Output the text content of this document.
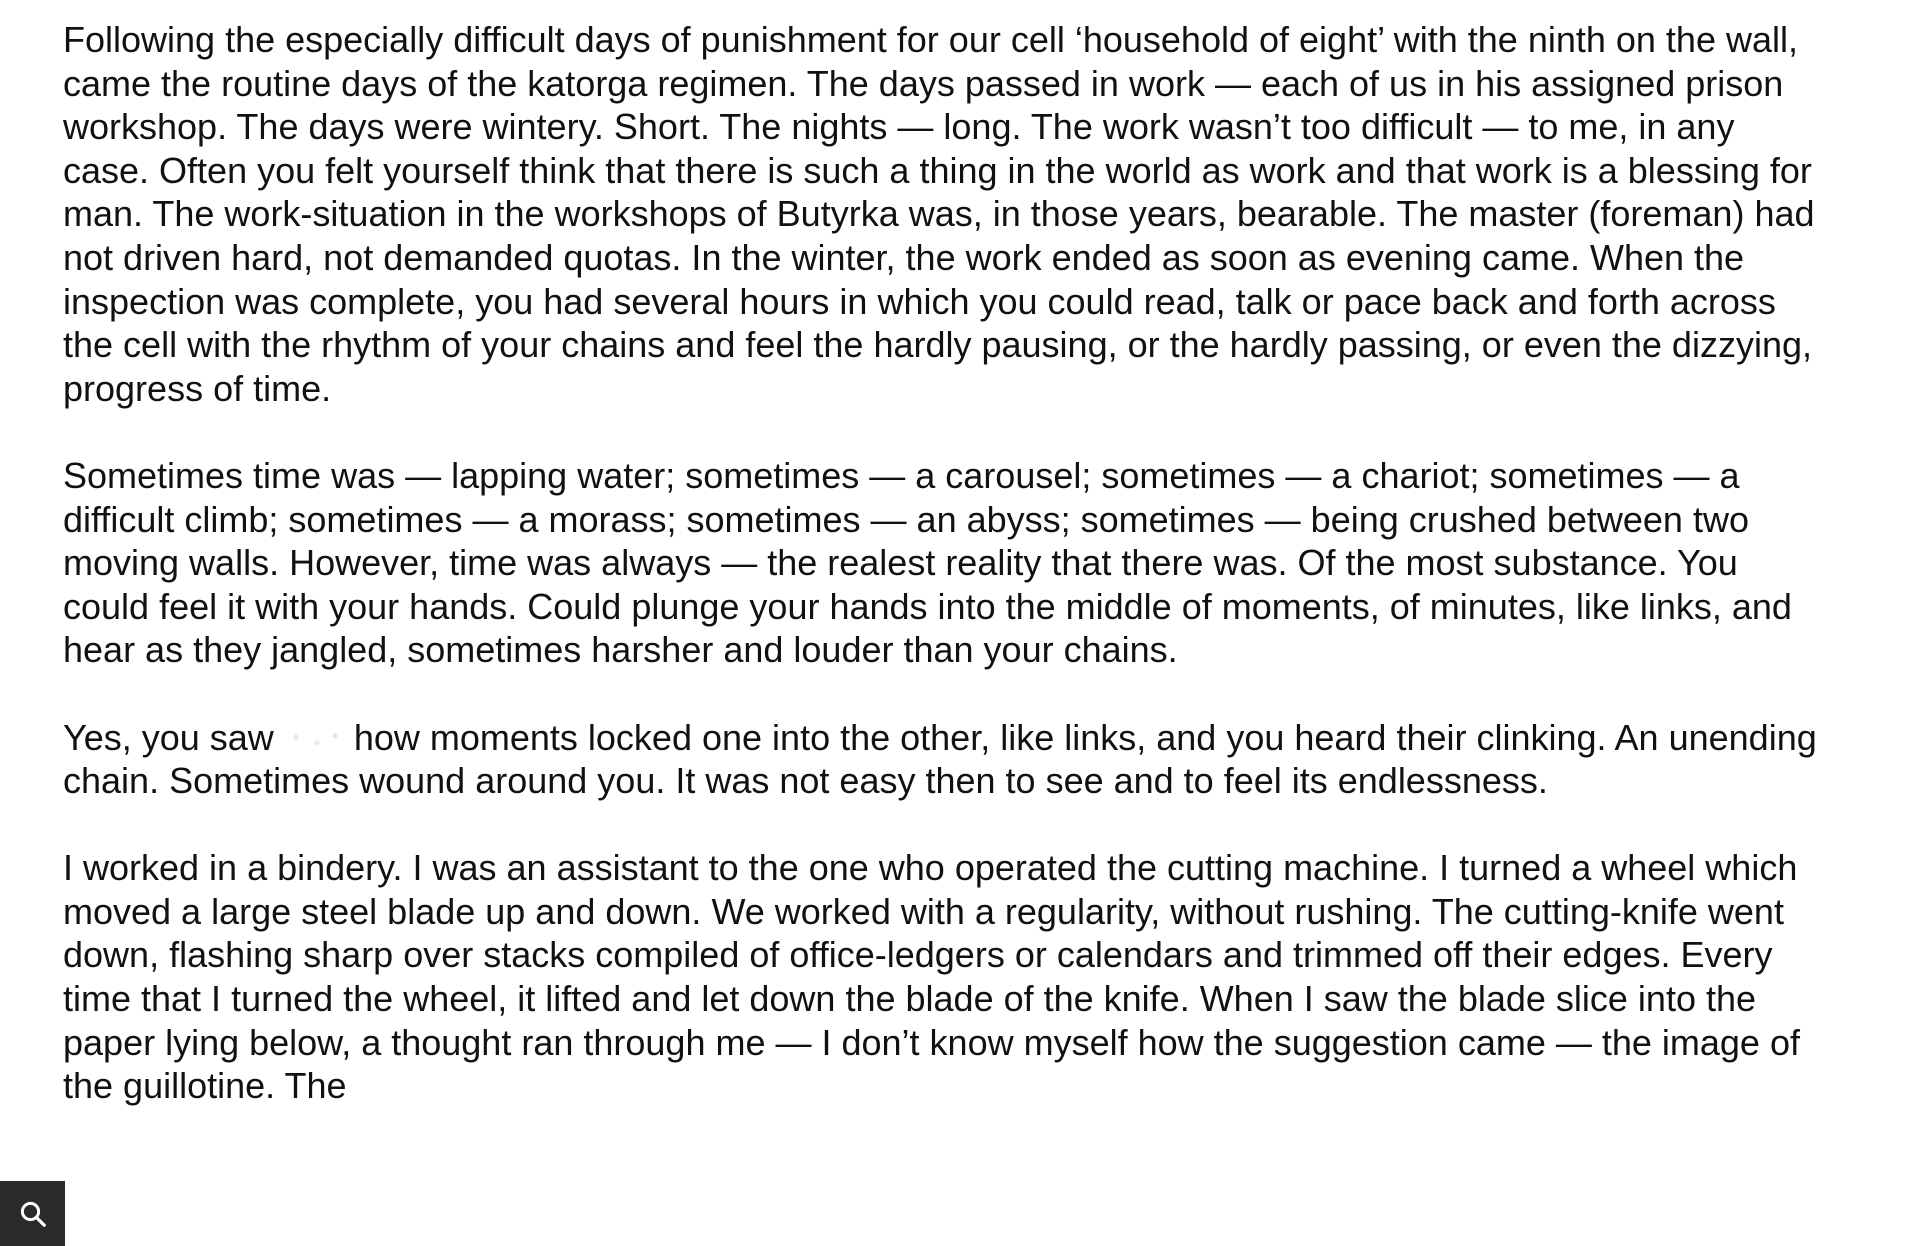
Following the especially difficult days of punishment for our cell ‘household of eight’ with the ninth on the wall, came the routine days of the katorga regimen. The days passed in work — each of us in his assigned prison workshop. The days were wintery. Short. The nights — long. The work wasn’t too difficult — to me, in any case. Often you felt yourself think that there is such a thing in the world as work and that work is a blessing for man. The work-situation in the workshops of Butyrka was, in those years, bearable. The master (foreman) had not driven hard, not demanded quotas. In the winter, the work ended as soon as evening came. When the inspection was complete, you had several hours in which you could read, talk or pace back and forth across the cell with the rhythm of your chains and feel the hardly pausing, or the hardly passing, or even the dizzying, progress of time.

Sometimes time was — lapping water; sometimes — a carousel; sometimes — a chariot; sometimes — a difficult climb; sometimes — a morass; sometimes — an abyss; sometimes — being crushed between two moving walls. However, time was always — the realest reality that there was. Of the most substance. You could feel it with your hands. Could plunge your hands into the middle of moments, of minutes, like links, and hear as they jangled, sometimes harsher and louder than your chains.

Yes, you saw how moments locked one into the other, like links, and you heard their clinking. An unending chain. Sometimes wound around you. It was not easy then to see and to feel its endlessness.

I worked in a bindery. I was an assistant to the one who operated the cutting machine. I turned a wheel which moved a large steel blade up and down. We worked with a regularity, without rushing. The cutting-knife went down, flashing sharp over stacks compiled of office-ledgers or calendars and trimmed off their edges. Every time that I turned the wheel, it lifted and let down the blade of the knife. When I saw the blade slice into the paper lying below, a thought ran through me — I don’t know myself how the suggestion came — the image of the guillotine. The
